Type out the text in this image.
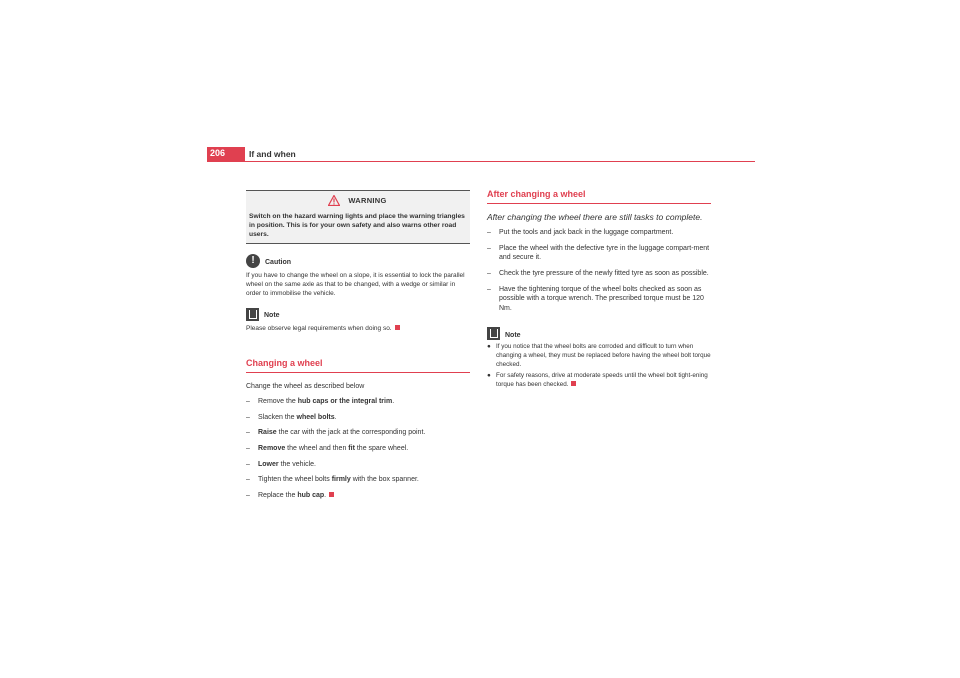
206	If and when
WARNING
Switch on the hazard warning lights and place the warning triangles in position. This is for your own safety and also warns other road users.
!	Caution
If you have to change the wheel on a slope, it is essential to lock the parallel wheel on the same axle as that to be changed, with a wedge or similar in order to immobilise the vehicle.
Note
Please observe legal requirements when doing so.
Changing a wheel
Change the wheel as described below
–	Remove the hub caps or the integral trim.
–	Slacken the wheel bolts.
–	Raise the car with the jack at the corresponding point.
–	Remove the wheel and then fit the spare wheel.
–	Lower the vehicle.
–	Tighten the wheel bolts firmly with the box spanner.
–	Replace the hub cap.
After changing a wheel
After changing the wheel there are still tasks to complete.
–	Put the tools and jack back in the luggage compartment.
–	Place the wheel with the defective tyre in the luggage compart-ment and secure it.
–	Check the tyre pressure of the newly fitted tyre as soon as possible.
–	Have the tightening torque of the wheel bolts checked as soon as possible with a torque wrench. The prescribed torque must be 120 Nm.
Note
● If you notice that the wheel bolts are corroded and difficult to turn when changing a wheel, they must be replaced before having the wheel bolt torque checked.
● For safety reasons, drive at moderate speeds until the wheel bolt tight-ening torque has been checked.
